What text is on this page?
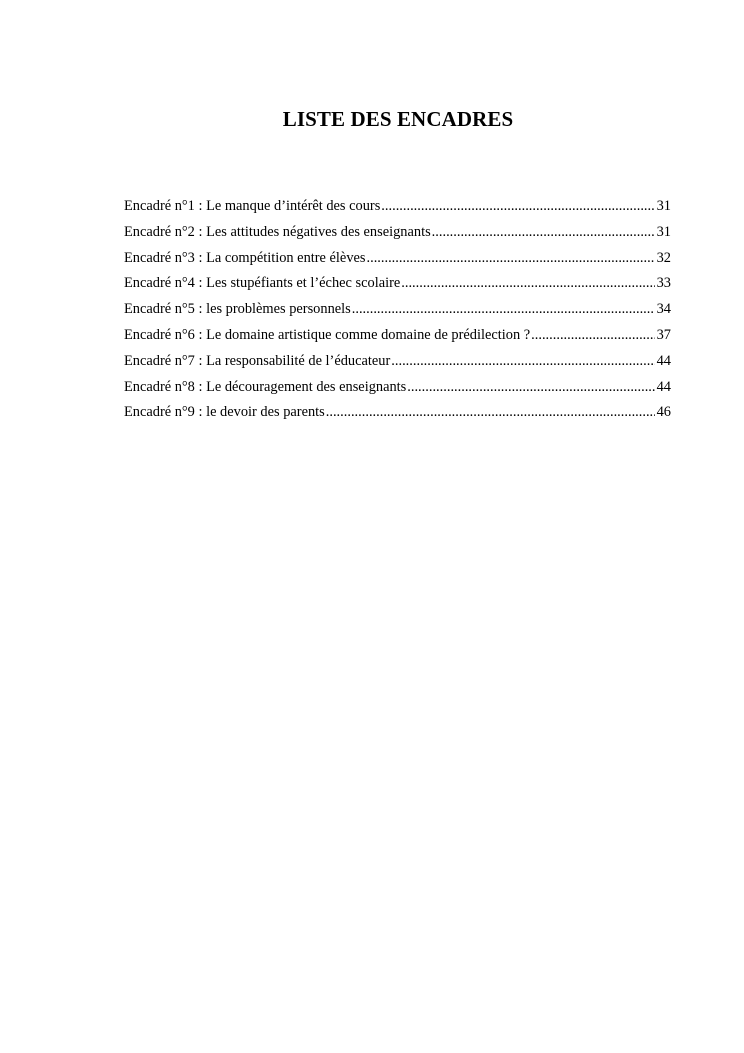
LISTE DES ENCADRES
Encadré n°1 : Le manque d’intérêt des cours .....	31
Encadré n°2 : Les attitudes négatives des enseignants .....	31
Encadré n°3 : La compétition entre élèves .....	32
Encadré n°4 : Les stupéfiants et l’échec scolaire .....	33
Encadré n°5 : les problèmes personnels .....	34
Encadré n°6 : Le domaine artistique comme domaine de prédilection ? .....	37
Encadré n°7 : La responsabilité de l’éducateur .....	44
Encadré n°8 : Le découragement des enseignants .....	44
Encadré n°9 : le devoir des parents .....	46
